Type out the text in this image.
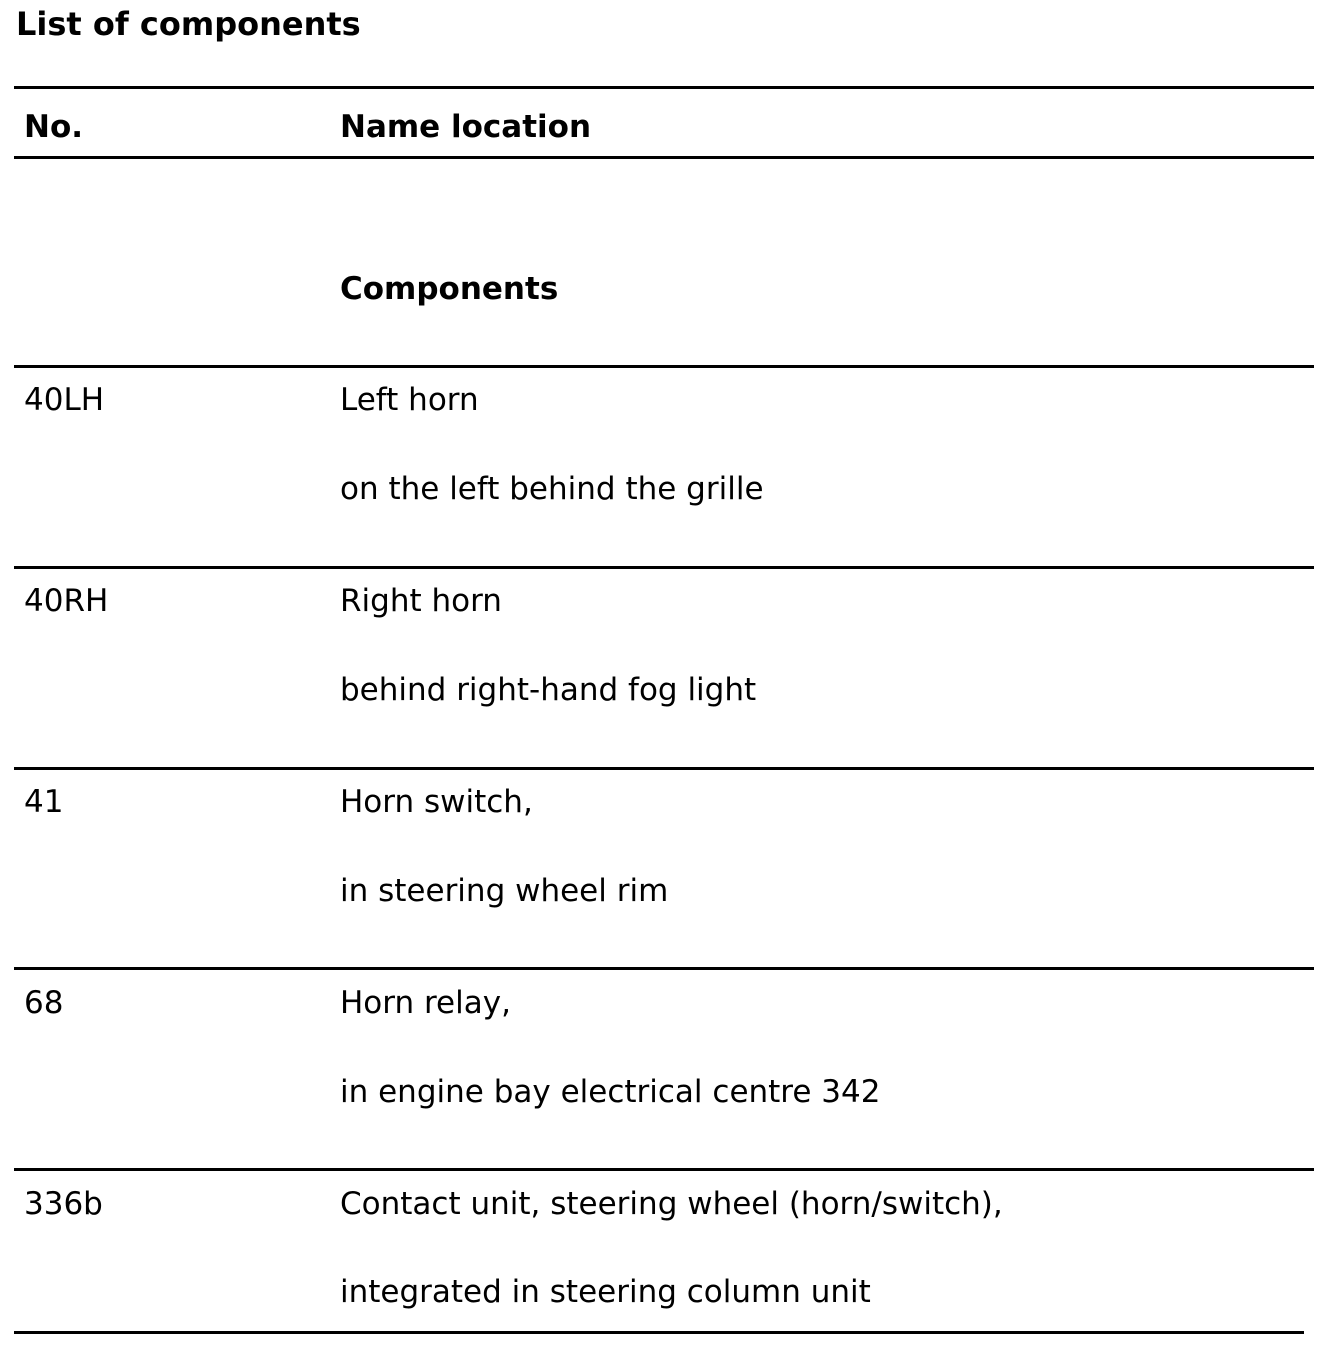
List of components
No.	Name location
Components
40LH	Left horn
on the left behind the grille
40RH	Right horn
behind right-hand fog light
41	Horn switch,
in steering wheel rim
68	Horn relay,
in engine bay electrical centre 342
336b	Contact unit, steering wheel (horn/switch),
integrated in steering column unit
